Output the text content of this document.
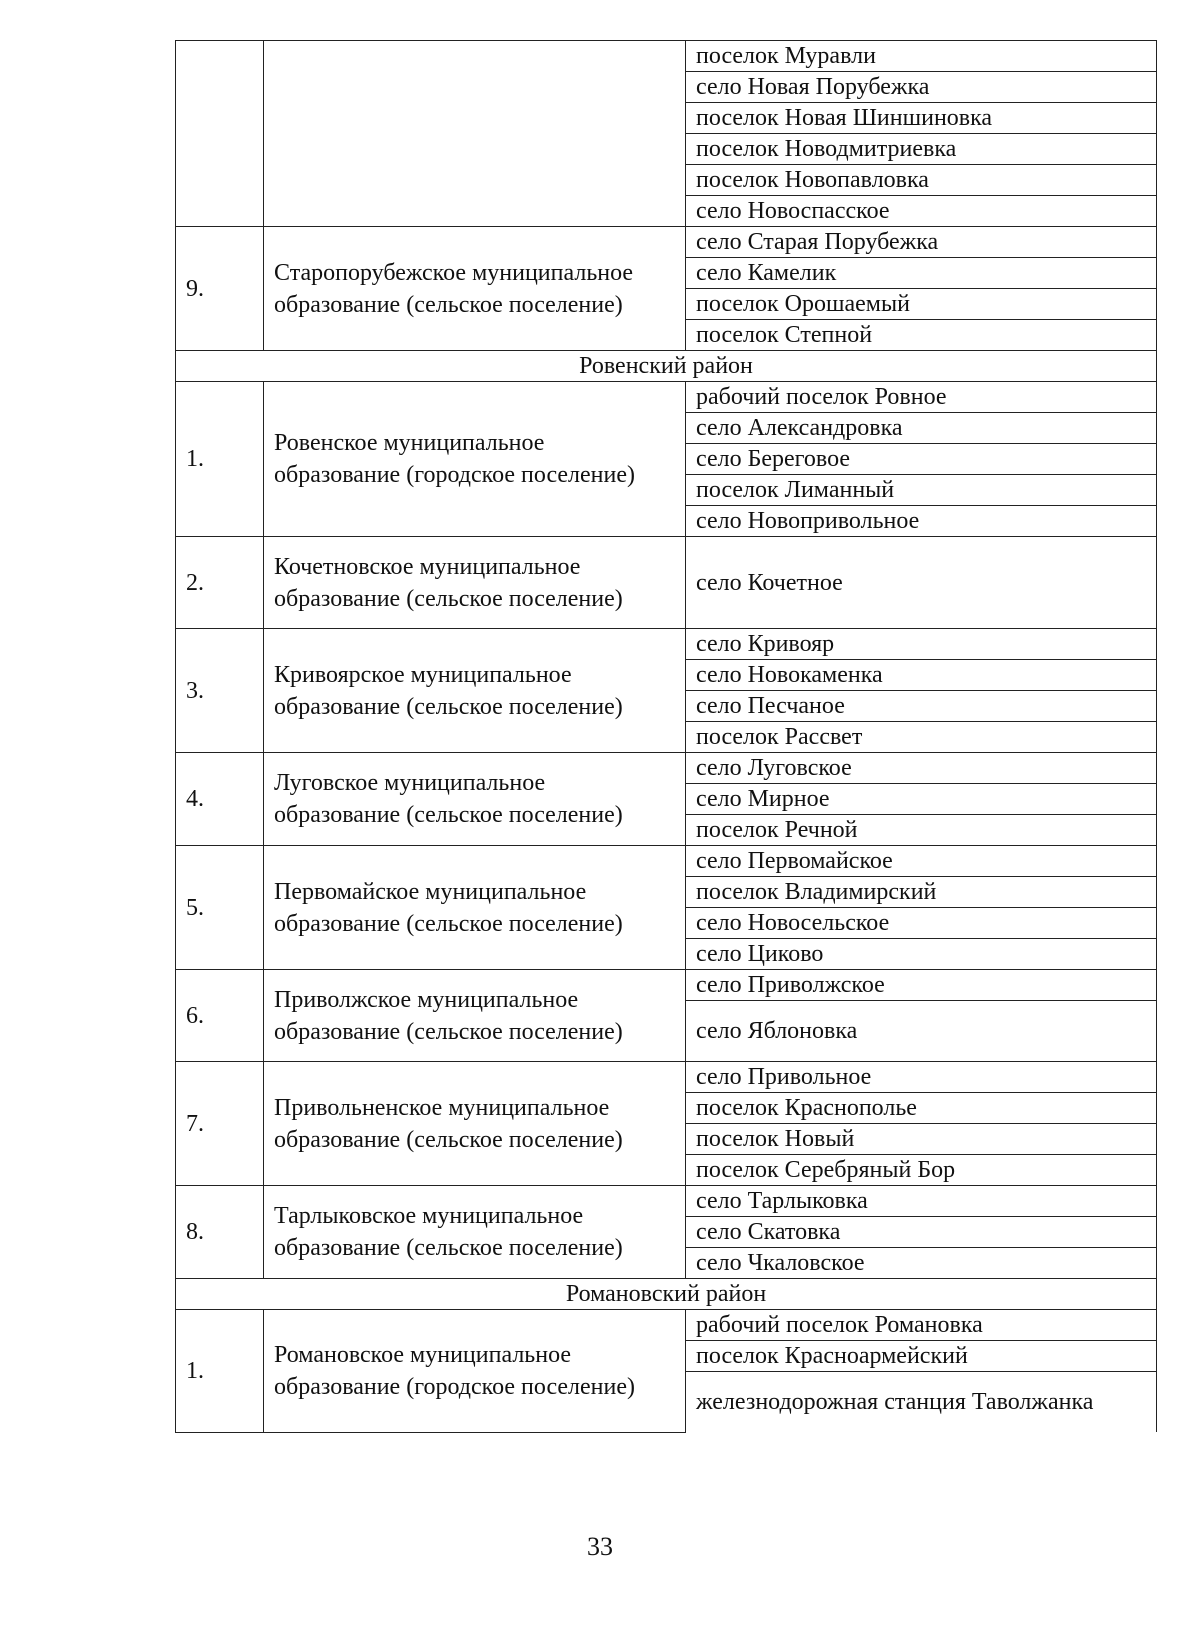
		поселок Муравли
		село Новая Порубежка
		поселок Новая Шиншиновка
		поселок Новодмитриевка
		поселок Новопавловка
		село Новоспасское
9.	Старопорубежское муниципальное образование (сельское поселение)	село Старая Порубежка
		село Камелик
		поселок Орошаемый
		поселок Степной
Ровенский район		
1.	Ровенское муниципальное образование (городское поселение)	рабочий поселок Ровное
		село Александровка
		село Береговое
		поселок Лиманный
		село Новопривольное
2.	Кочетновское муниципальное образование (сельское поселение)	село Кочетное
3.	Кривоярское муниципальное образование (сельское поселение)	село Кривояр
		село Новокаменка
		село Песчаное
		поселок Рассвет
4.	Луговское муниципальное образование (сельское поселение)	село Луговское
		село Мирное
		поселок Речной
5.	Первомайское муниципальное образование (сельское поселение)	село Первомайское
		поселок Владимирский
		село Новосельское
		село Циково
6.	Приволжское муниципальное образование (сельское поселение)	село Приволжское
		село Яблоновка
7.	Привольненское муниципальное образование (сельское поселение)	село Привольное
		поселок Краснополье
		поселок Новый
		поселок Серебряный Бор
8.	Тарлыковское муниципальное образование (сельское поселение)	село Тарлыковка
		село Скатовка
		село Чкаловское
Романовский район		
1.	Романовское муниципальное образование (городское поселение)	рабочий поселок Романовка
		поселок Красноармейский
		железнодорожная станция Таволжанка
33
